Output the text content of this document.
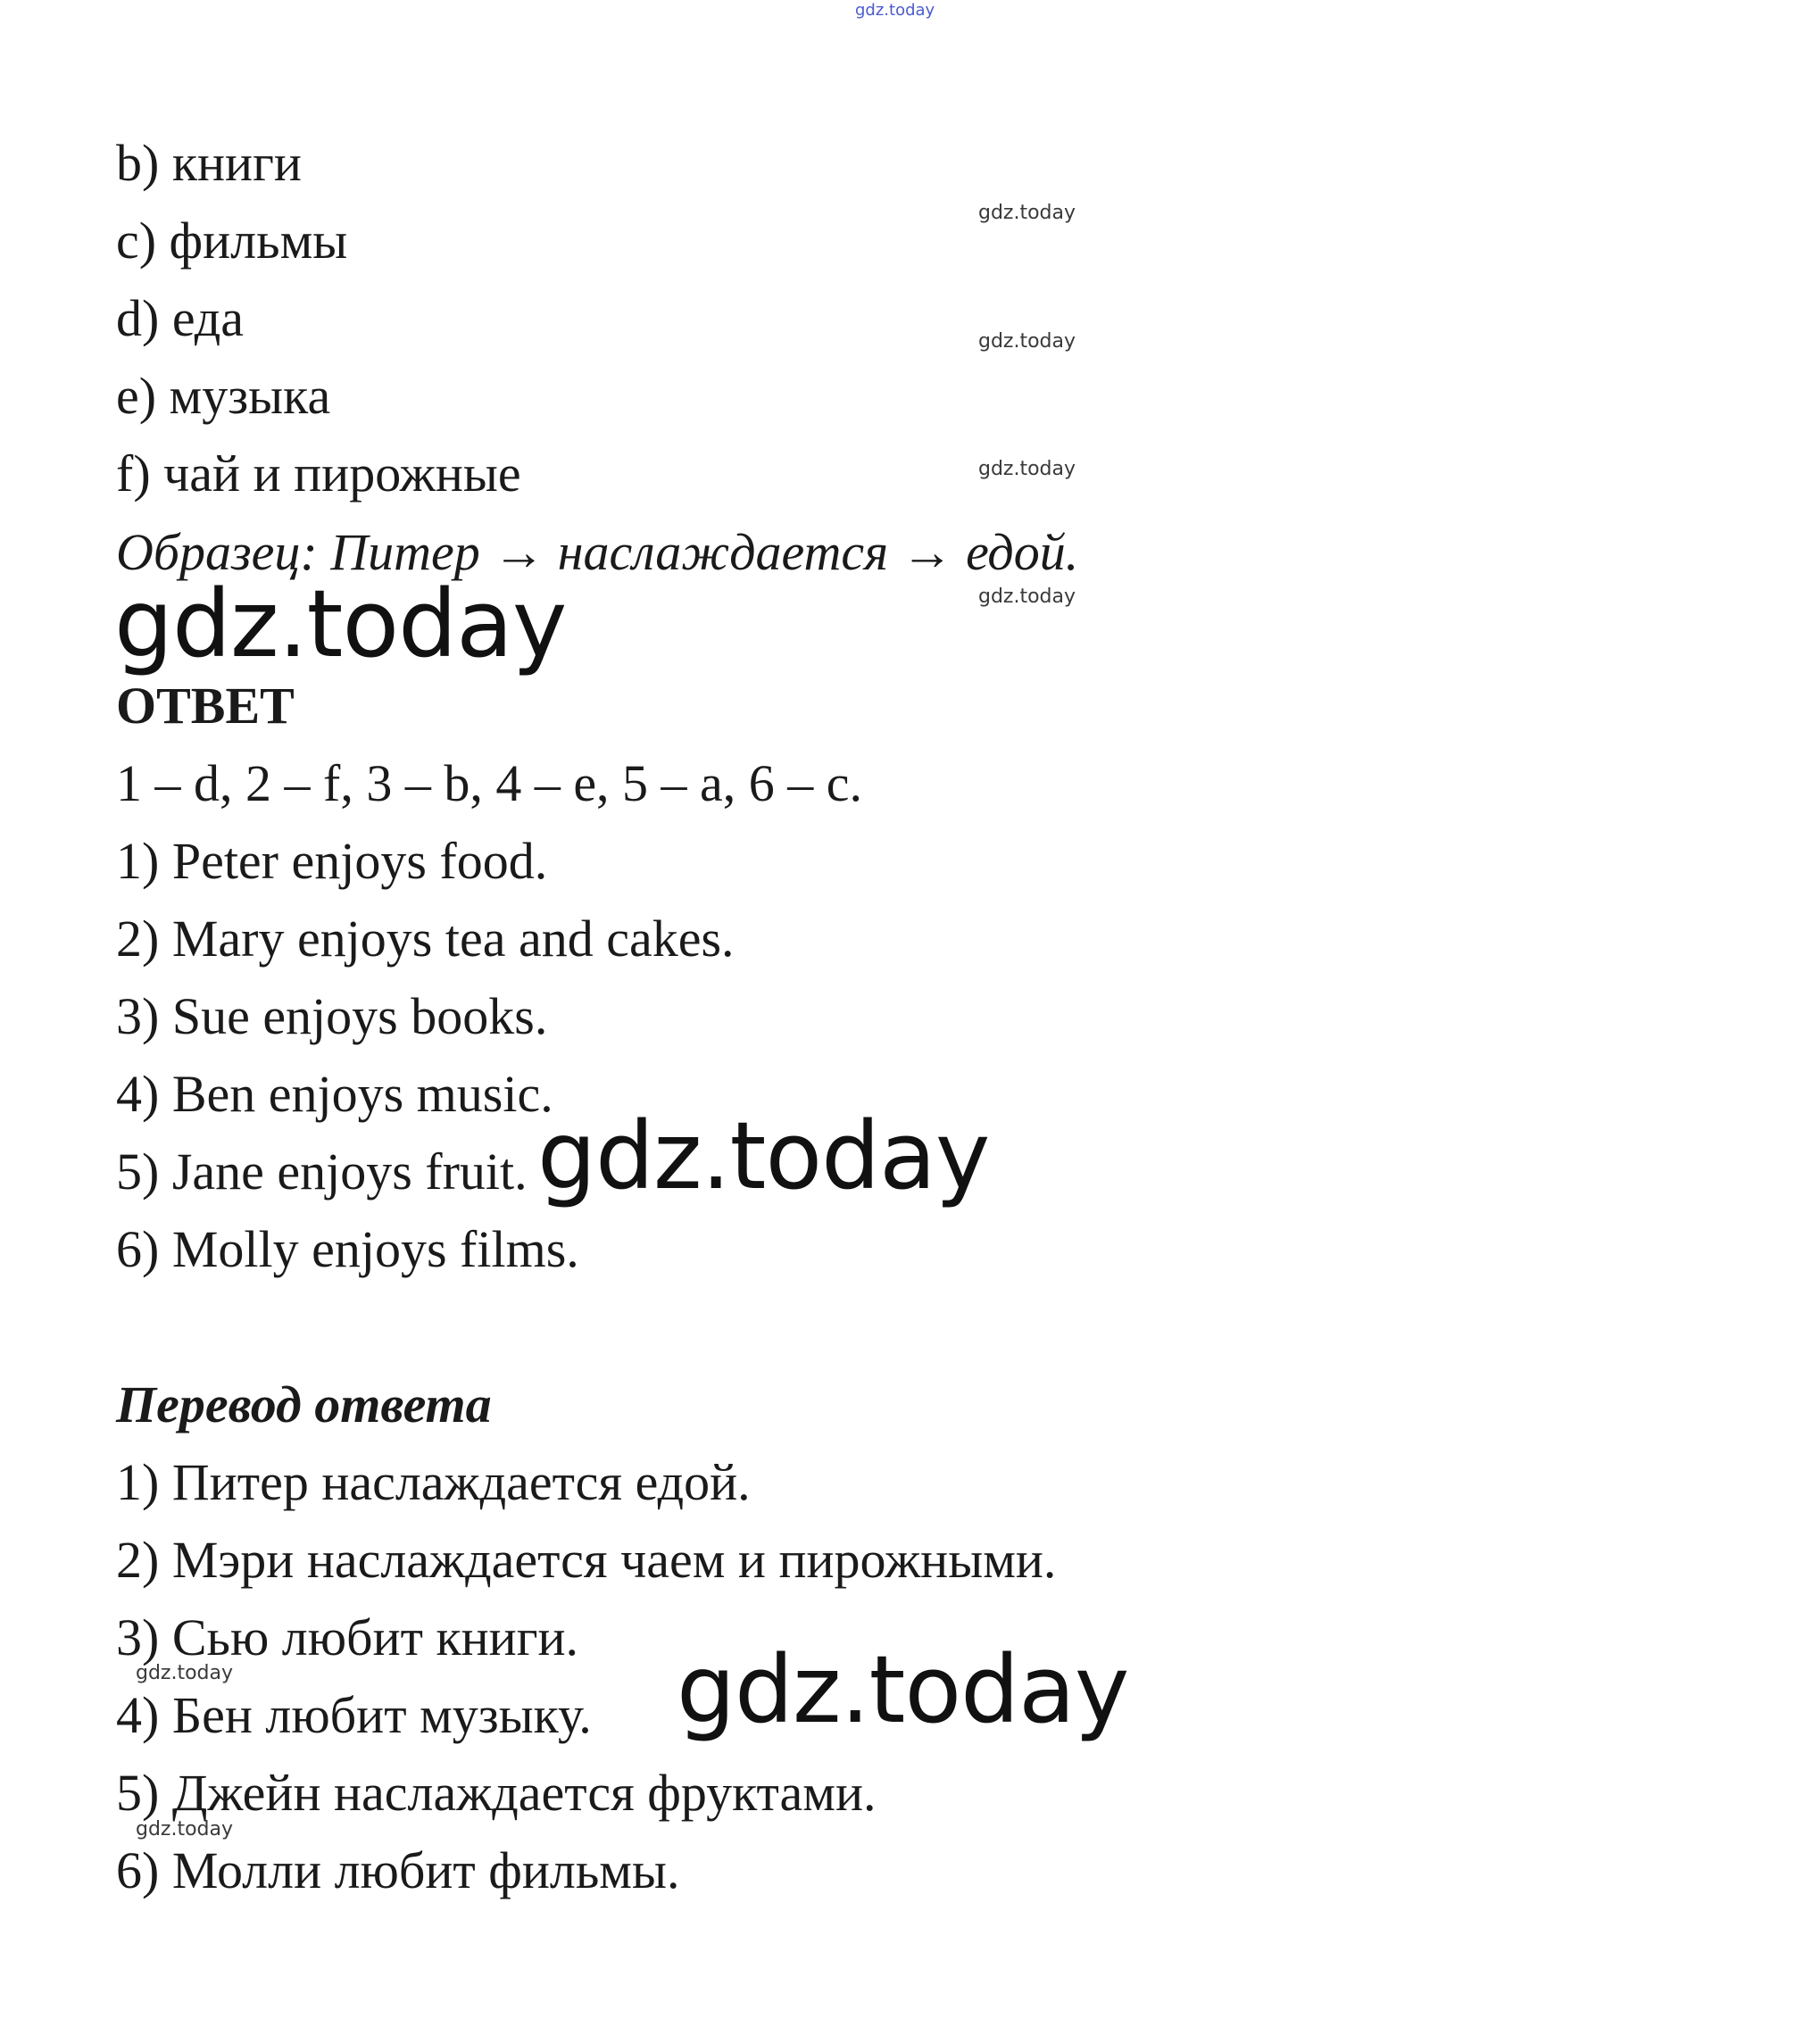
gdz.today
b) книги
c) фильмы
d) еда
e) музыка
f) чай и пирожные
gdz.today
gdz.today
gdz.today
gdz.today
Образец: Питер → наслаждается → едой.
gdz.today
ОТВЕТ
1 – d, 2 – f, 3 – b, 4 – e, 5 – a, 6 – c.
1) Peter enjoys food.
2) Mary enjoys tea and cakes.
3) Sue enjoys books.
4) Ben enjoys music.
5) Jane enjoys fruit.
6) Molly enjoys films.
gdz.today
Перевод ответа
1) Питер наслаждается едой.
2) Мэри наслаждается чаем и пирожными.
3) Сью любит книги.
4) Бен любит музыку.
5) Джейн наслаждается фруктами.
6) Молли любит фильмы.
gdz.today
gdz.today
gdz.today
